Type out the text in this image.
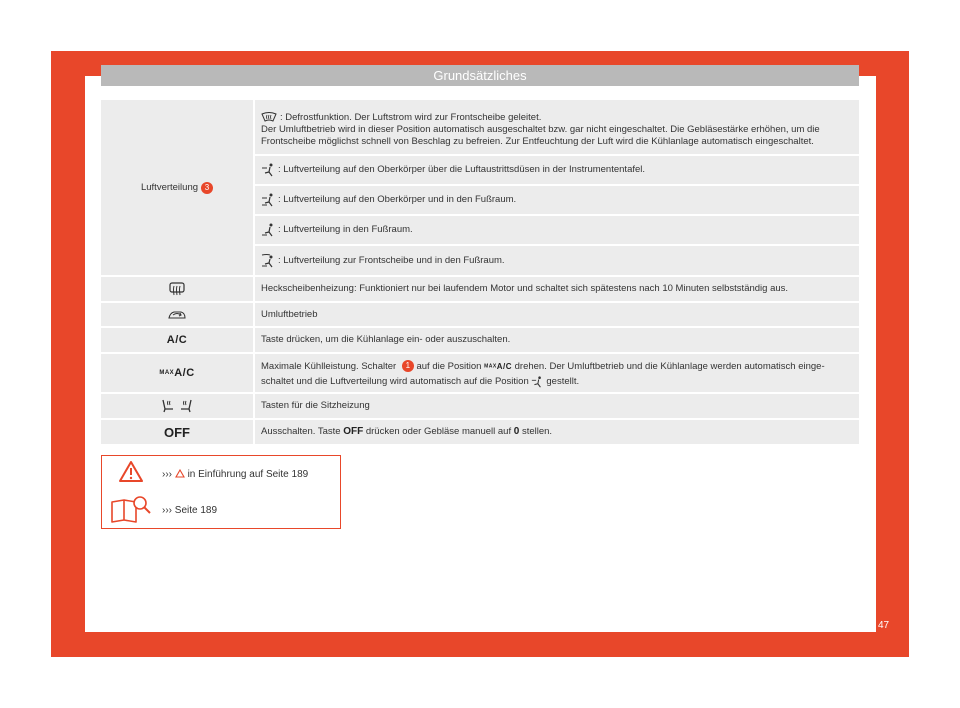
Grundsätzliches
Luftverteilung 3
: Defrostfunktion. Der Luftstrom wird zur Frontscheibe geleitet.
Der Umluftbetrieb wird in dieser Position automatisch ausgeschaltet bzw. gar nicht eingeschaltet. Die Gebläsestärke erhöhen, um die Frontscheibe möglichst schnell von Beschlag zu befreien. Zur Entfeuchtung der Luft wird die Kühlanlage automatisch eingeschaltet.
: Luftverteilung auf den Oberkörper über die Luftaustrittsdüsen in der Instrumententafel.
: Luftverteilung auf den Oberkörper und in den Fußraum.
: Luftverteilung in den Fußraum.
: Luftverteilung zur Frontscheibe und in den Fußraum.
Heckscheibenheizung: Funktioniert nur bei laufendem Motor und schaltet sich spätestens nach 10 Minuten selbstständig aus.
Umluftbetrieb
A/C	Taste drücken, um die Kühlanlage ein- oder auszuschalten.
MAXA/C
Maximale Kühlleistung. Schalter 1 auf die Position MAXA/C drehen. Der Umluftbetrieb und die Kühlanlage werden automatisch einge-
schaltet und die Luftverteilung wird automatisch auf die Position gestellt.
Tasten für die Sitzheizung
OFF	Ausschalten. Taste
OFF
drücken oder Gebläse manuell auf
0
stellen.
››› in Einführung auf Seite 189
››› Seite 189
47
